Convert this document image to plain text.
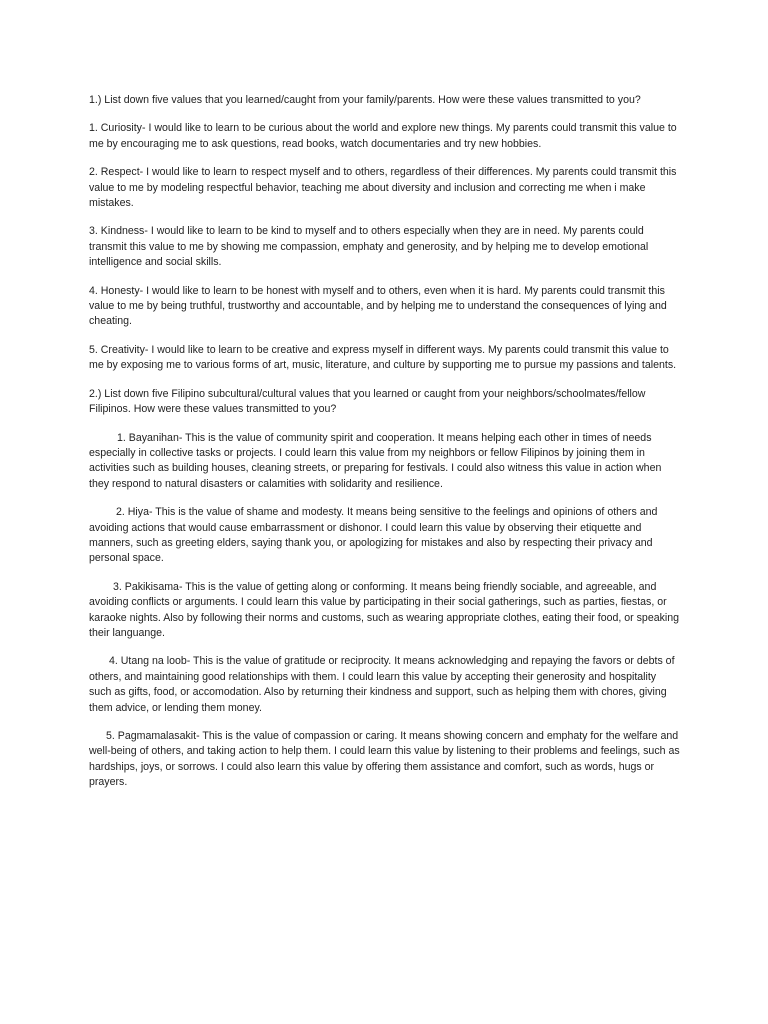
1.) List down five values that you learned/caught from your family/parents. How were these values transmitted to you?

1. Curiosity- I would like to learn to be curious about the world and explore new things. My parents could transmit this value to me by encouraging me to ask questions, read books, watch documentaries and try new hobbies.

2. Respect- I would like to learn to respect myself and to others, regardless of their differences. My parents could transmit this value to me by modeling respectful behavior, teaching me about diversity and inclusion and correcting me when i make mistakes.

3. Kindness- I would like to learn to be kind to myself and to others especially when they are in need. My parents could transmit this value to me by showing me compassion, emphaty and generosity, and by helping me to develop emotional intelligence and social skills.

4. Honesty- I would like to learn to be honest with myself and to others, even when it is hard. My parents could transmit this value to me by being truthful, trustworthy and accountable, and by helping me to understand the consequences of lying and cheating.

5. Creativity- I would like to learn to be creative and express myself in different ways. My parents could transmit this value to me by exposing me to various forms of art, music, literature, and culture by supporting me to pursue my passions and talents.

2.) List down five Filipino subcultural/cultural values that you learned or caught from your neighbors/schoolmates/fellow Filipinos. How were these values transmitted to you?

1. Bayanihan- This is the value of community spirit and cooperation. It means helping each other in times of needs especially in collective tasks or projects. I could learn this value from my neighbors or fellow Filipinos by joining them in activities such as building houses, cleaning streets, or preparing for festivals. I could also witness this value in action when they respond to natural disasters or calamities with solidarity and resilience.

2. Hiya- This is the value of shame and modesty. It means being sensitive to the feelings and opinions of others and avoiding actions that would cause embarrassment or dishonor. I could learn this value by observing their etiquette and manners, such as greeting elders, saying thank you, or apologizing for mistakes and also by respecting their privacy and personal space.

3. Pakikisama- This is the value of getting along or conforming. It means being friendly sociable, and agreeable, and avoiding conflicts or arguments. I could learn this value by participating in their social gatherings, such as parties, fiestas, or karaoke nights. Also by following their norms and customs, such as wearing appropriate clothes, eating their food, or speaking their languange.

4. Utang na loob- This is the value of gratitude or reciprocity. It means acknowledging and repaying the favors or debts of others, and maintaining good relationships with them. I could learn this value by accepting their generosity and hospitality such as gifts, food, or accomodation. Also by returning their kindness and support, such as helping them with chores, giving them advice, or lending them money.

5. Pagmamalasakit- This is the value of compassion or caring. It means showing concern and emphaty for the welfare and well-being of others, and taking action to help them. I could learn this value by listening to their problems and feelings, such as hardships, joys, or sorrows. I could also learn this value by offering them assistance and comfort, such as words, hugs or prayers.
